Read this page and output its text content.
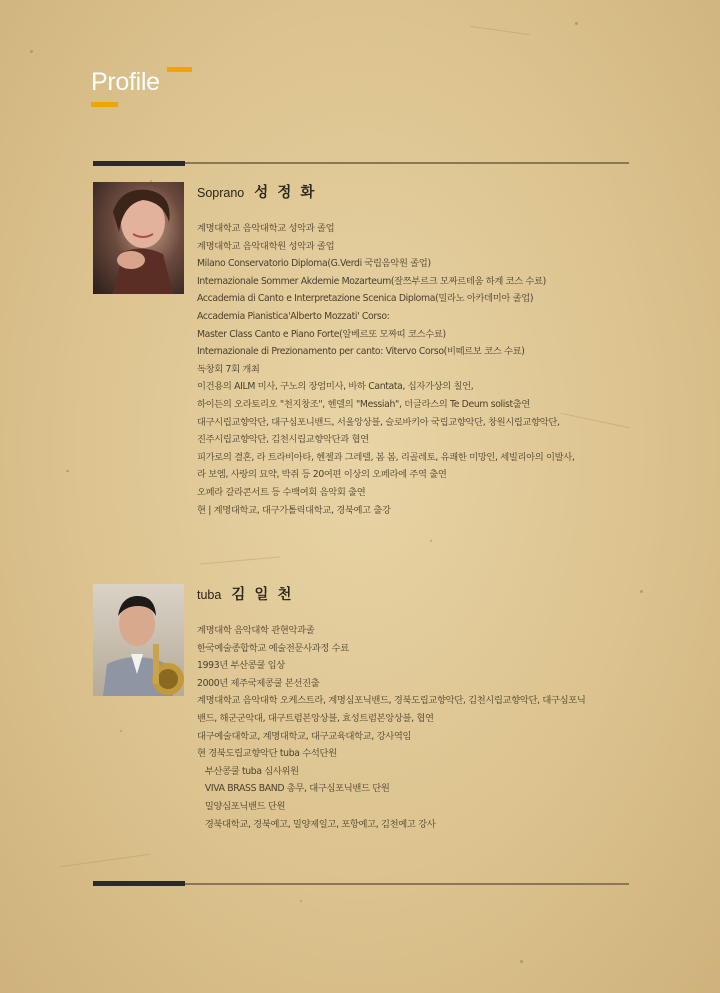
Profile
Soprano 성 정 화
계명대학교 음악대학교 성악과 졸업
계명대학교 음악대학원 성악과 졸업
Milano Conservatorio Diploma(G.Verdi 국립음악원 졸업)
Internazionale Sommer Akdemie Mozarteum(잘쯔부르크 모짜르테움 하계 코스 수료)
Accademia di Canto e Interpretazione Scenica Diploma(밀라노 아카데미아 졸업)
Accademia Pianistica'Alberto Mozzati' Corso:
Master Class Canto e Piano Forte(알베르또 모짜띠 코스수료)
Internazionale di Prezionamento per canto: Vitervo Corso(비떼르보 코스 수료)
독창회 7회 개최
이건용의 AILM 미사, 구노의 장엄미사, 바하 Cantata, 십자가상의 칠언,
하이든의 오라토리오 "천지창조", 헨델의 "Messiah", 더글라스의 Te Deum solist출연
대구시립교향악단, 대구심포니밴드, 서울앙상블, 슬로바키아 국립교향악단, 창원시립교향악단,
진주시립교향악단, 김천시립교향악단과 협연
피가로의 결혼, 라 트라비아타, 헨젤과 그레텔, 봄 봄, 리골레토, 유쾌한 미망인, 세빌리아의 이발사,
라 보엠, 사랑의 묘약, 박쥐 등 20여편 이상의 오페라에 주역 출연
오페라 갈라콘서트 등 수백여회 음악회 출연
현 | 계명대학교, 대구가톨릭대학교, 경북예고 출강
tuba 김 일 천
계명대학 음악대학 관현악과졸
한국예술종합학교 예술전문사과정 수료
1993년 부산콩쿨 입상
2000년 제주국제콩쿨 본선진출
계명대학교 음악대학 오케스트라, 계명심포닉밴드, 경북도립교향악단, 김천시립교향악단, 대구심포닉
밴드, 해군군악대, 대구트럼본앙상블, 효성트럼본앙상블, 협연
대구예술대학교, 계명대학교, 대구교육대학교, 강사역임
현 경북도립교향악단 tuba 수석단원
부산콩쿨 tuba 심사위원
VIVA BRASS BAND 총무, 대구심포닉밴드 단원
밀양심포닉밴드 단원
경북대학교, 경북예고, 밀양제일고, 포항예고, 김천예고 강사
